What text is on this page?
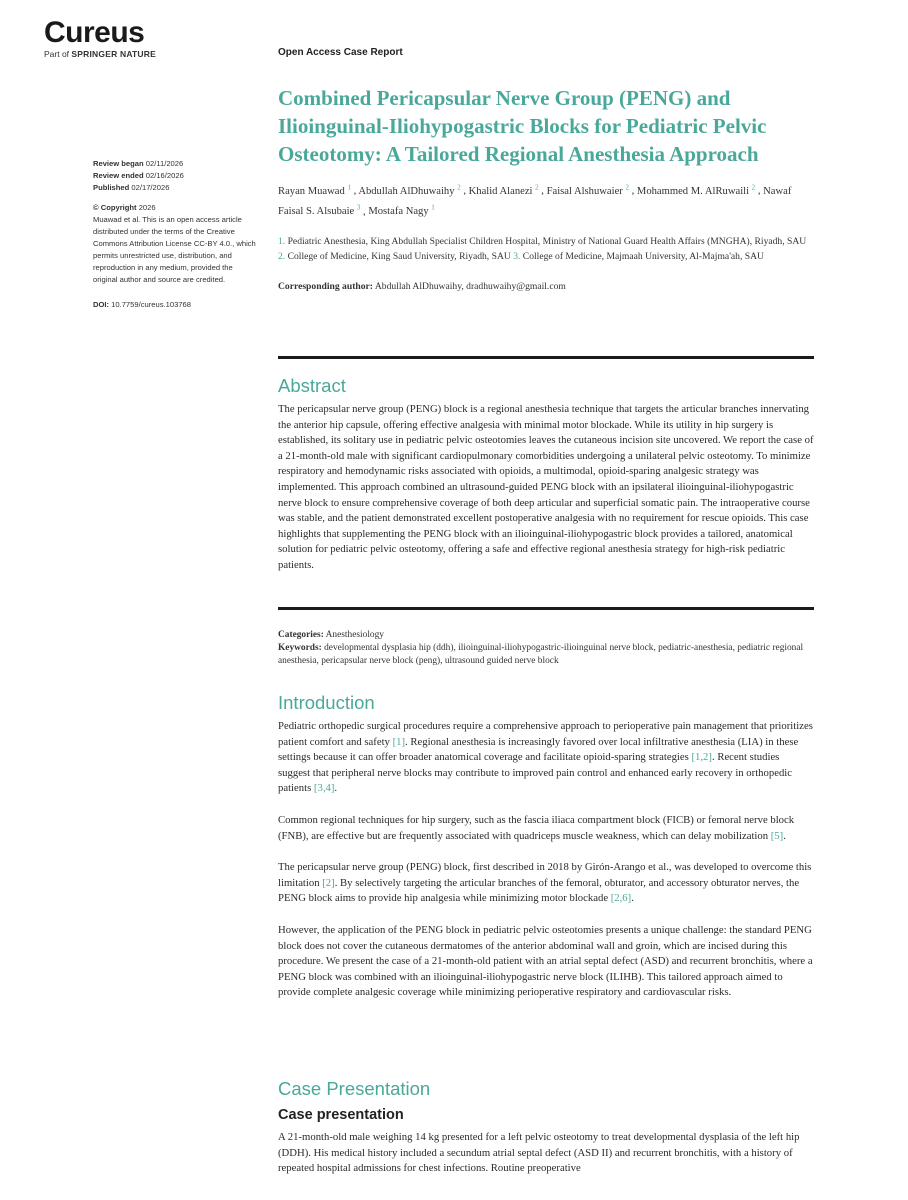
Cureus
Part of SPRINGER NATURE	Open Access Case Report
Review began 02/11/2026
Review ended 02/16/2026
Published 02/17/2026
© Copyright 2026
Muawad et al. This is an open access article distributed under the terms of the Creative Commons Attribution License CC-BY 4.0., which permits unrestricted use, distribution, and reproduction in any medium, provided the original author and source are credited.
DOI: 10.7759/cureus.103768
Combined Pericapsular Nerve Group (PENG) and Ilioinguinal-Iliohypogastric Blocks for Pediatric Pelvic Osteotomy: A Tailored Regional Anesthesia Approach
Rayan Muawad $^1$ , Abdullah AlDhuwaihy $^2$ , Khalid Alanezi $^2$ , Faisal Alshuwaier $^2$ , Mohammed M. AlRuwaili $^2$ , Nawaf Faisal S. Alsubaie $^3$ , Mostafa Nagy $^1$
1. Pediatric Anesthesia, King Abdullah Specialist Children Hospital, Ministry of National Guard Health Affairs (MNGHA), Riyadh, SAU 2. College of Medicine, King Saud University, Riyadh, SAU 3. College of Medicine, Majmaah University, Al-Majma'ah, SAU
Corresponding author: Abdullah AlDhuwaihy, dradhuwaihy@gmail.com
Abstract

The pericapsular nerve group (PENG) block is a regional anesthesia technique that targets the articular branches innervating the anterior hip capsule, offering effective analgesia with minimal motor blockade. While its utility in hip surgery is established, its solitary use in pediatric pelvic osteotomies leaves the cutaneous incision site uncovered. We report the case of a 21-month-old male with significant cardiopulmonary comorbidities undergoing a unilateral pelvic osteotomy. To minimize respiratory and hemodynamic risks associated with opioids, a multimodal, opioid-sparing analgesic strategy was implemented. This approach combined an ultrasound-guided PENG block with an ipsilateral ilioinguinal-iliohypogastric nerve block to ensure comprehensive coverage of both deep articular and superficial somatic pain. The intraoperative course was stable, and the patient demonstrated excellent postoperative analgesia with no requirement for rescue opioids. This case highlights that supplementing the PENG block with an ilioinguinal-iliohypogastric block provides a tailored, anatomical solution for pediatric pelvic osteotomy, offering a safe and effective regional anesthesia strategy for high-risk pediatric patients.

Categories: Anesthesiology
Keywords: developmental dysplasia hip (ddh), ilioinguinal-iliohypogastric-ilioinguinal nerve block, pediatric-anesthesia, pediatric regional anesthesia, pericapsular nerve block (peng), ultrasound guided nerve block
Introduction

Pediatric orthopedic surgical procedures require a comprehensive approach to perioperative pain management that prioritizes patient comfort and safety [1]. Regional anesthesia is increasingly favored over local infiltrative anesthesia (LIA) in these settings because it can offer broader anatomical coverage and facilitate opioid-sparing strategies [1,2]. Recent studies suggest that peripheral nerve blocks may contribute to improved pain control and enhanced early recovery in orthopedic patients [3,4].

Common regional techniques for hip surgery, such as the fascia iliaca compartment block (FICB) or femoral nerve block (FNB), are effective but are frequently associated with quadriceps muscle weakness, which can delay mobilization [5].

The pericapsular nerve group (PENG) block, first described in 2018 by Girón-Arango et al., was developed to overcome this limitation [2]. By selectively targeting the articular branches of the femoral, obturator, and accessory obturator nerves, the PENG block aims to provide hip analgesia while minimizing motor blockade [2,6].

However, the application of the PENG block in pediatric pelvic osteotomies presents a unique challenge: the standard PENG block does not cover the cutaneous dermatomes of the anterior abdominal wall and groin, which are incised during this procedure. We present the case of a 21-month-old patient with an atrial septal defect (ASD) and recurrent bronchitis, where a PENG block was combined with an ilioinguinal-iliohypogastric nerve block (ILIHB). This tailored approach aimed to provide complete analgesic coverage while minimizing perioperative respiratory and cardiovascular risks.

Case Presentation
Case presentation

A 21-month-old male weighing 14 kg presented for a left pelvic osteotomy to treat developmental dysplasia of the left hip (DDH). His medical history included a secundum atrial septal defect (ASD II) and recurrent bronchitis, with a history of repeated hospital admissions for chest infections. Routine preoperative
